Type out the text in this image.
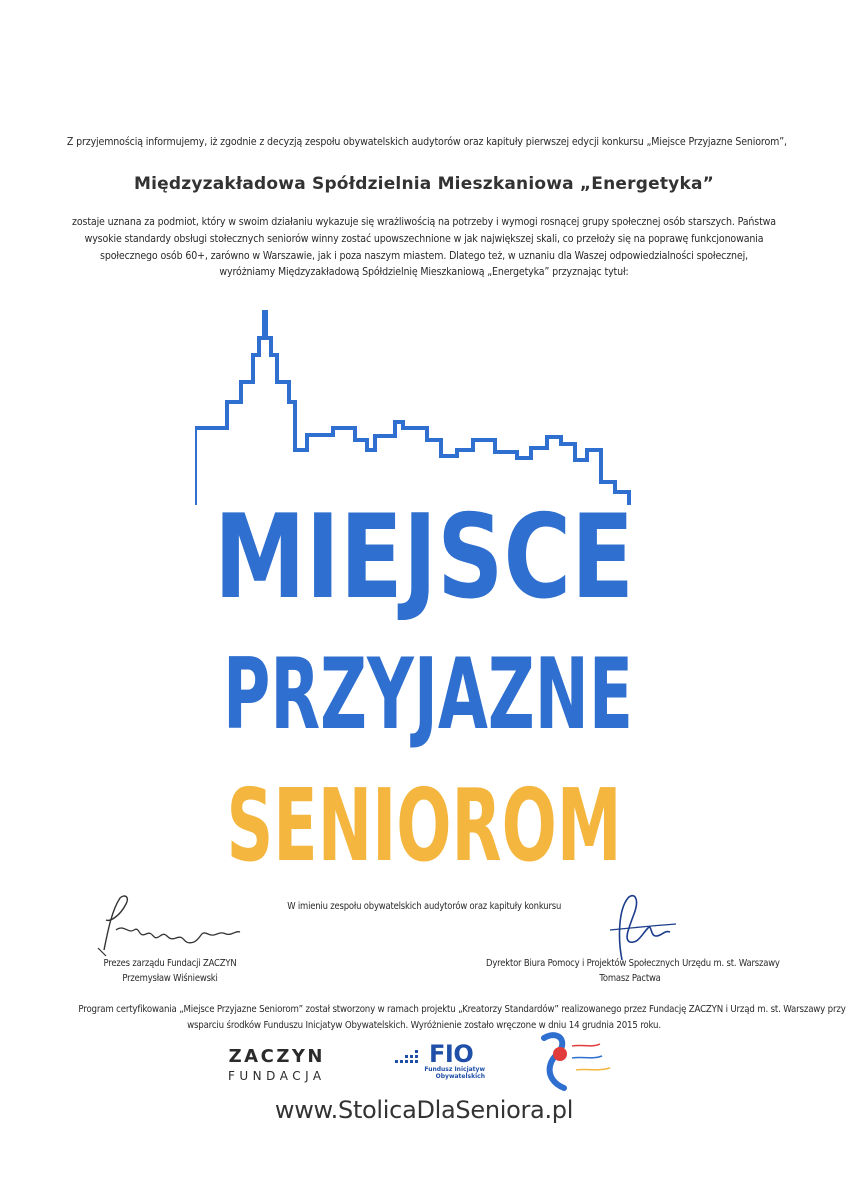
Z przyjemnością informujemy, iż zgodnie z decyzją zespołu obywatelskich audytorów oraz kapituły pierwszej edycji konkursu „Miejsce Przyjazne Seniorom”,
Międzyzakładowa Spółdzielnia Mieszkaniowa „Energetyka”
zostaje uznana za podmiot, który w swoim działaniu wykazuje się wrażliwością na potrzeby i wymogi rosnącej grupy społecznej osób starszych. Państwa
wysokie standardy obsługi stołecznych seniorów winny zostać upowszechnione w jak największej skali, co przełoży się na poprawę funkcjonowania
społecznego osób 60+, zarówno w Warszawie, jak i poza naszym miastem. Dlatego też, w uznaniu dla Waszej odpowiedzialności społecznej,
wyróżniamy Międzyzakładową Spółdzielnię Mieszkaniową „Energetyka” przyznając tytuł:
MIEJSCE
PRZYJAZNE
SENIOROM
W imieniu zespołu obywatelskich audytorów oraz kapituły konkursu
Prezes zarządu Fundacji ZACZYN
Przemysław Wiśniewski
Dyrektor Biura Pomocy i Projektów Społecznych Urzędu m. st. Warszawy
Tomasz Pactwa
Program certyfikowania „Miejsce Przyjazne Seniorom” został stworzony w ramach projektu „Kreatorzy Standardów” realizowanego przez Fundację ZACZYN i Urząd m. st. Warszawy przy
wsparciu środków Funduszu Inicjatyw Obywatelskich. Wyróżnienie zostało wręczone w dniu 14 grudnia 2015 roku.
ZACZYN
FUNDACJA
FIO
Fundusz Inicjatyw
Obywatelskich
www.StolicaDlaSeniora.pl
